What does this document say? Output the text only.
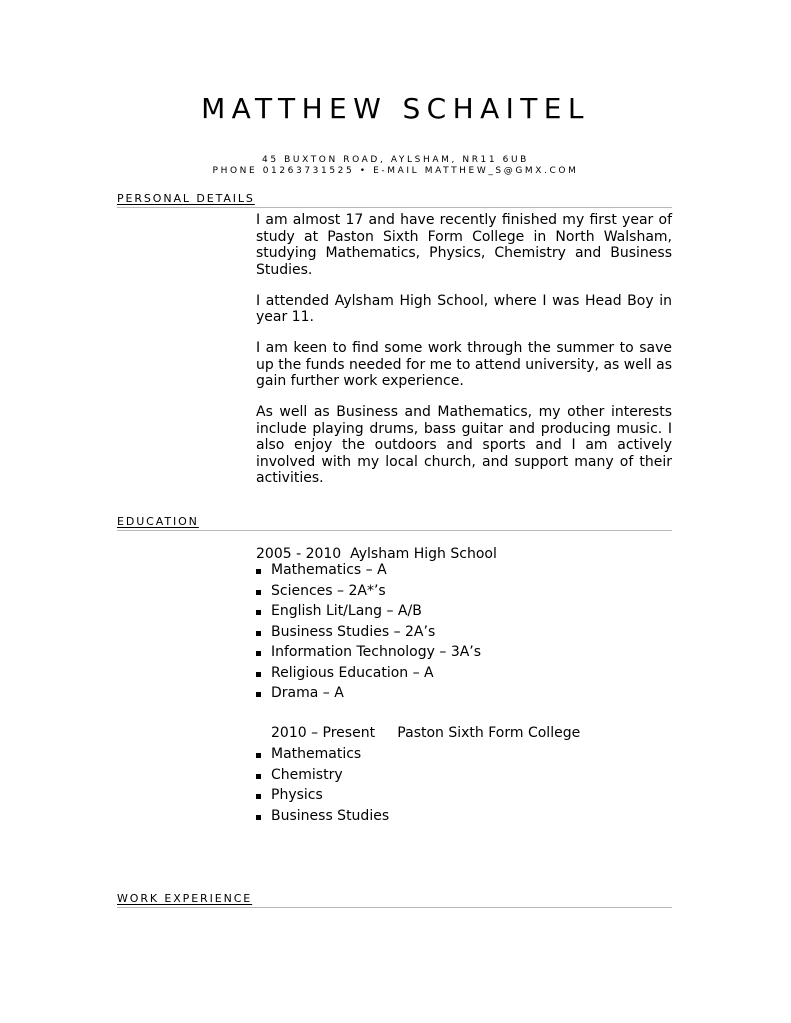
MATTHEW SCHAITEL
45 BUXTON ROAD, AYLSHAM, NR11 6UB
PHONE 01263731525 • E-MAIL MATTHEW_S@GMX.COM
PERSONAL DETAILS

I am almost 17 and have recently finished my first year of study at Paston Sixth Form College in North Walsham, studying Mathematics, Physics, Chemistry and Business Studies.

I attended Aylsham High School, where I was Head Boy in year 11.

I am keen to find some work through the summer to save up the funds needed for me to attend university, as well as gain further work experience.

As well as Business and Mathematics, my other interests include playing drums, bass guitar and producing music. I also enjoy the outdoors and sports and I am actively involved with my local church, and support many of their activities.

EDUCATION
2005 - 2010  Aylsham High School
Mathematics – A
Sciences – 2A*’s
English Lit/Lang – A/B
Business Studies – 2A’s
Information Technology – 3A’s
Religious Education – A
Drama – A
2010 – Present     Paston Sixth Form College
Mathematics
Chemistry
Physics
Business Studies
WORK EXPERIENCE
